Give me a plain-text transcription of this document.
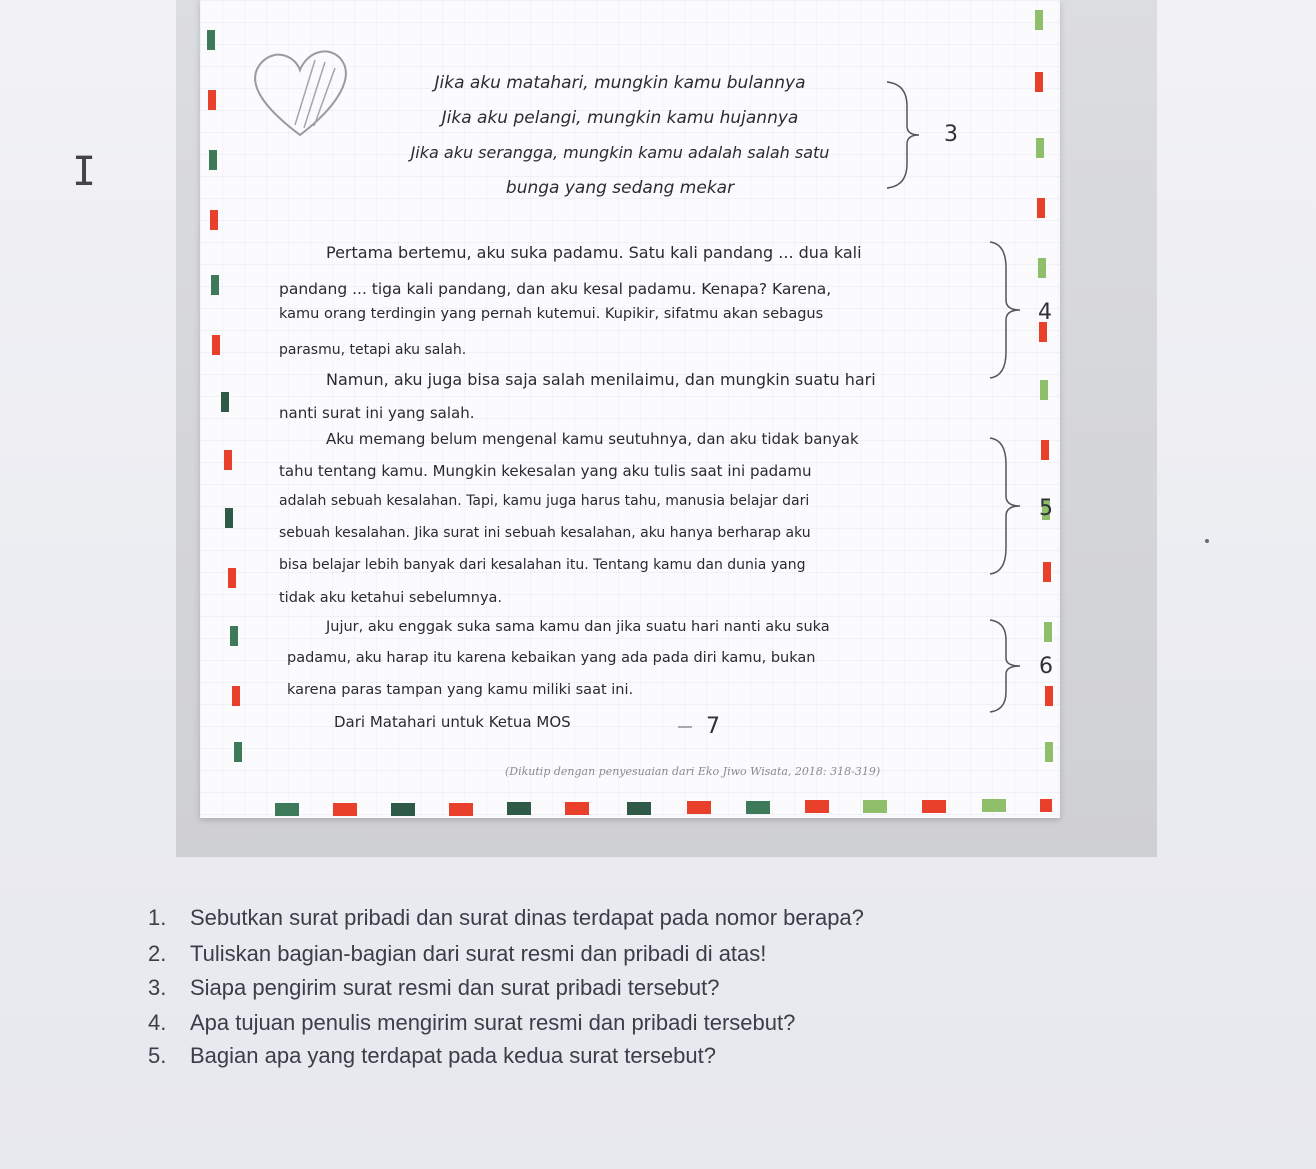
I
Jika aku matahari, mungkin kamu bulannya
Jika aku pelangi, mungkin kamu hujannya
Jika aku serangga, mungkin kamu adalah salah satu
bunga yang sedang mekar
Pertama bertemu, aku suka padamu. Satu kali pandang ... dua kali
pandang ... tiga kali pandang, dan aku kesal padamu. Kenapa? Karena,
kamu orang terdingin yang pernah kutemui. Kupikir, sifatmu akan sebagus
parasmu, tetapi aku salah.
Namun, aku juga bisa saja salah menilaimu, dan mungkin suatu hari
nanti surat ini yang salah.
Aku memang belum mengenal kamu seutuhnya, dan aku tidak banyak
tahu tentang kamu. Mungkin kekesalan yang aku tulis saat ini padamu
adalah sebuah kesalahan. Tapi, kamu juga harus tahu, manusia belajar dari
sebuah kesalahan. Jika surat ini sebuah kesalahan, aku hanya berharap aku
bisa belajar lebih banyak dari kesalahan itu. Tentang kamu dan dunia yang
tidak aku ketahui sebelumnya.
Jujur, aku enggak suka sama kamu dan jika suatu hari nanti aku suka
padamu, aku harap itu karena kebaikan yang ada pada diri kamu, bukan
karena paras tampan yang kamu miliki saat ini.
Dari Matahari untuk Ketua MOS
3
4
5
6
7
(Dikutip dengan penyesuaian dari Eko Jiwo Wisata, 2018: 318-319)
1. Sebutkan surat pribadi dan surat dinas terdapat pada nomor berapa?
2. Tuliskan bagian-bagian dari surat resmi dan pribadi di atas!
3. Siapa pengirim surat resmi dan surat pribadi tersebut?
4. Apa tujuan penulis mengirim surat resmi dan pribadi tersebut?
5. Bagian apa yang terdapat pada kedua surat tersebut?
